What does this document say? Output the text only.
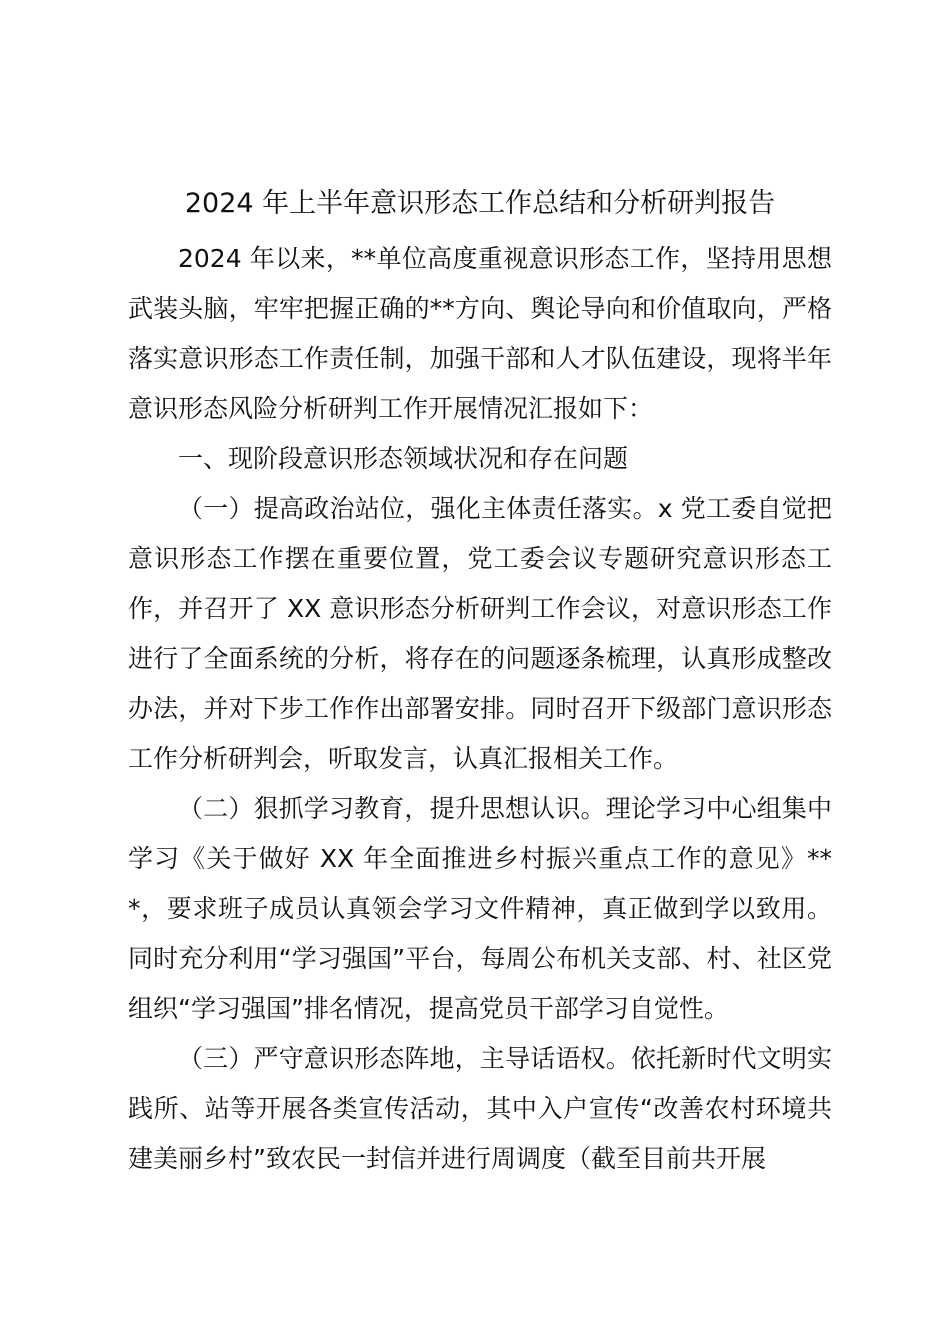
2024 年上半年意识形态工作总结和分析研判报告

2024 年以来，**单位高度重视意识形态工作，坚持用思想武装头脑，牢牢把握正确的**方向、舆论导向和价值取向，严格落实意识形态工作责任制，加强干部和人才队伍建设，现将半年意识形态风险分析研判工作开展情况汇报如下：

一、现阶段意识形态领域状况和存在问题

（一）提高政治站位，强化主体责任落实。x 党工委自觉把意识形态工作摆在重要位置，党工委会议专题研究意识形态工作，并召开了 XX 意识形态分析研判工作会议，对意识形态工作进行了全面系统的分析，将存在的问题逐条梳理，认真形成整改办法，并对下步工作作出部署安排。同时召开下级部门意识形态工作分析研判会，听取发言，认真汇报相关工作。

（二）狠抓学习教育，提升思想认识。理论学习中心组集中学习《关于做好 XX 年全面推进乡村振兴重点工作的意见》***，要求班子成员认真领会学习文件精神，真正做到学以致用。同时充分利用“学习强国”平台，每周公布机关支部、村、社区党组织“学习强国”排名情况，提高党员干部学习自觉性。

（三）严守意识形态阵地，主导话语权。依托新时代文明实践所、站等开展各类宣传活动，其中入户宣传“改善农村环境共建美丽乡村”致农民一封信并进行周调度（截至目前共开展
